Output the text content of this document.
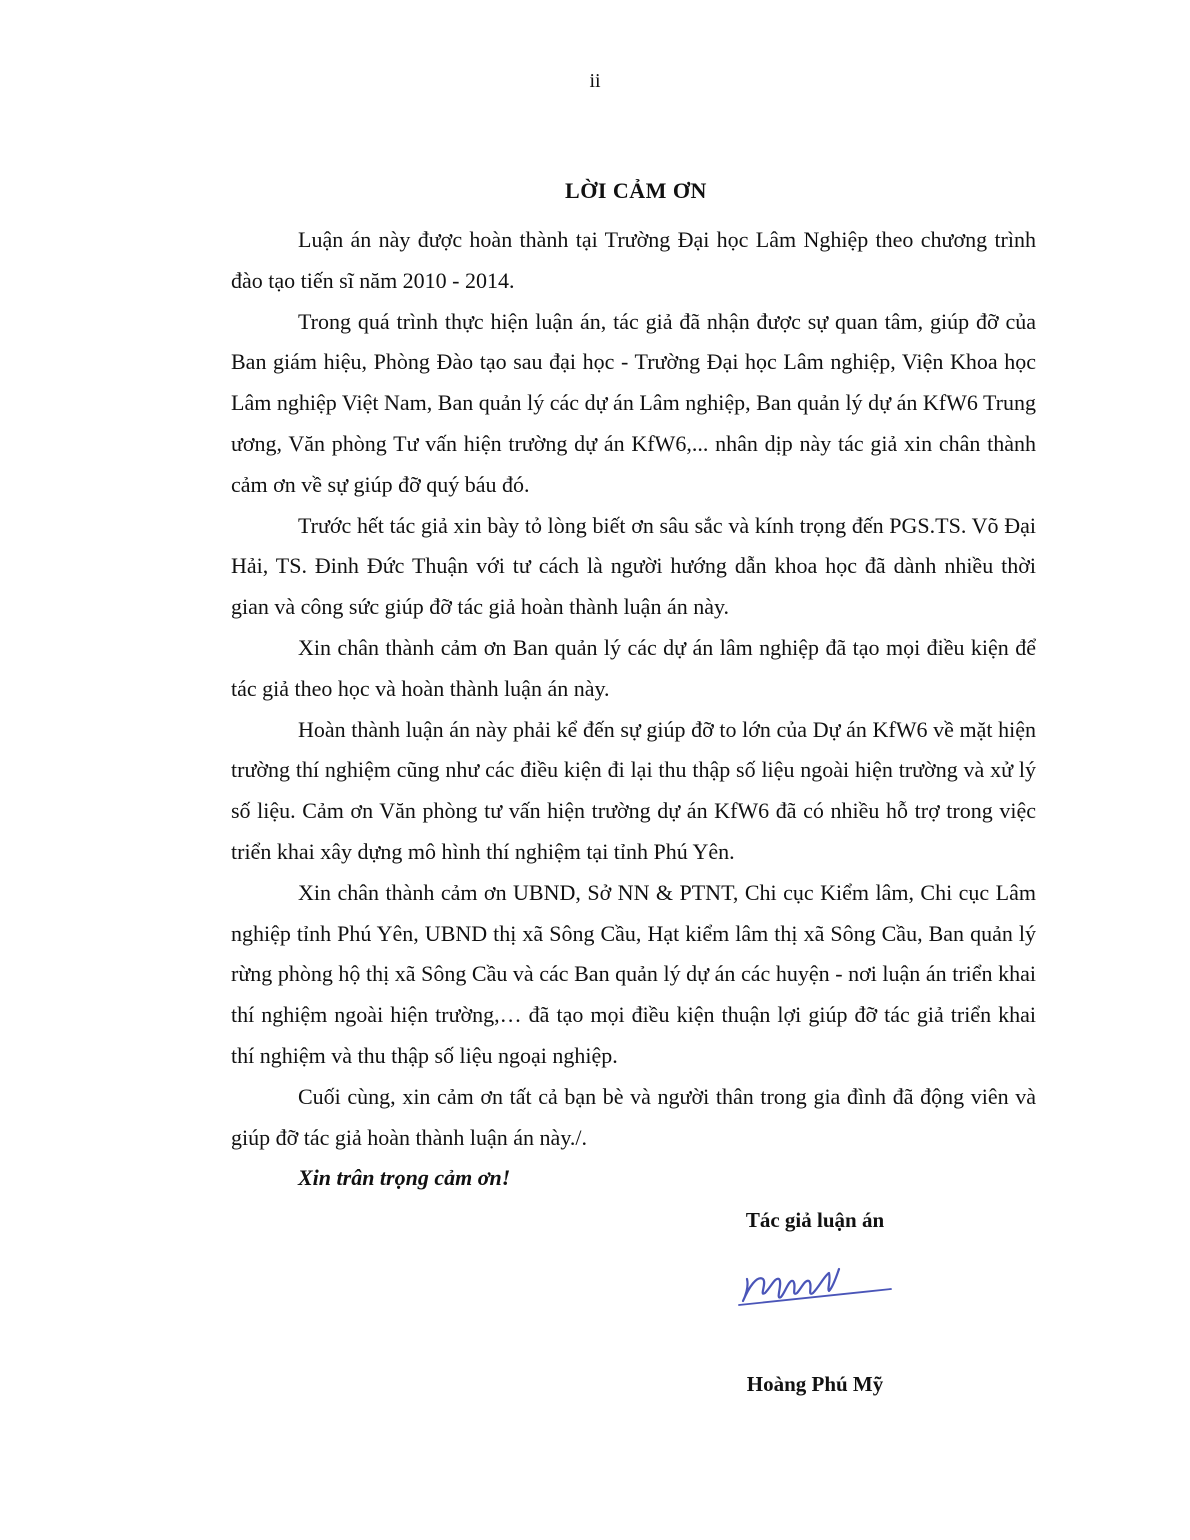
ii
LỜI CẢM ƠN

Luận án này được hoàn thành tại Trường Đại học Lâm Nghiệp theo chương trình đào tạo tiến sĩ năm 2010 - 2014.

Trong quá trình thực hiện luận án, tác giả đã nhận được sự quan tâm, giúp đỡ của Ban giám hiệu, Phòng Đào tạo sau đại học - Trường Đại học Lâm nghiệp, Viện Khoa học Lâm nghiệp Việt Nam, Ban quản lý các dự án Lâm nghiệp, Ban quản lý dự án KfW6 Trung ương, Văn phòng Tư vấn hiện trường dự án KfW6,... nhân dịp này tác giả xin chân thành cảm ơn về sự giúp đỡ quý báu đó.

Trước hết tác giả xin bày tỏ lòng biết ơn sâu sắc và kính trọng đến PGS.TS. Võ Đại Hải, TS. Đinh Đức Thuận với tư cách là người hướng dẫn khoa học đã dành nhiều thời gian và công sức giúp đỡ tác giả hoàn thành luận án này.

Xin chân thành cảm ơn Ban quản lý các dự án lâm nghiệp đã tạo mọi điều kiện để tác giả theo học và hoàn thành luận án này.

Hoàn thành luận án này phải kể đến sự giúp đỡ to lớn của Dự án KfW6 về mặt hiện trường thí nghiệm cũng như các điều kiện đi lại thu thập số liệu ngoài hiện trường và xử lý số liệu. Cảm ơn Văn phòng tư vấn hiện trường dự án KfW6 đã có nhiều hỗ trợ trong việc triển khai xây dựng mô hình thí nghiệm tại tỉnh Phú Yên.

Xin chân thành cảm ơn UBND, Sở NN & PTNT, Chi cục Kiểm lâm, Chi cục Lâm nghiệp tỉnh Phú Yên, UBND thị xã Sông Cầu, Hạt kiểm lâm thị xã Sông Cầu, Ban quản lý rừng phòng hộ thị xã Sông Cầu và các Ban quản lý dự án các huyện - nơi luận án triển khai thí nghiệm ngoài hiện trường,… đã tạo mọi điều kiện thuận lợi giúp đỡ tác giả triển khai thí nghiệm và thu thập số liệu ngoại nghiệp.

Cuối cùng, xin cảm ơn tất cả bạn bè và người thân trong gia đình đã động viên và giúp đỡ tác giả hoàn thành luận án này./.

Xin trân trọng cảm ơn!

Tác giả luận án
Hoàng Phú Mỹ
